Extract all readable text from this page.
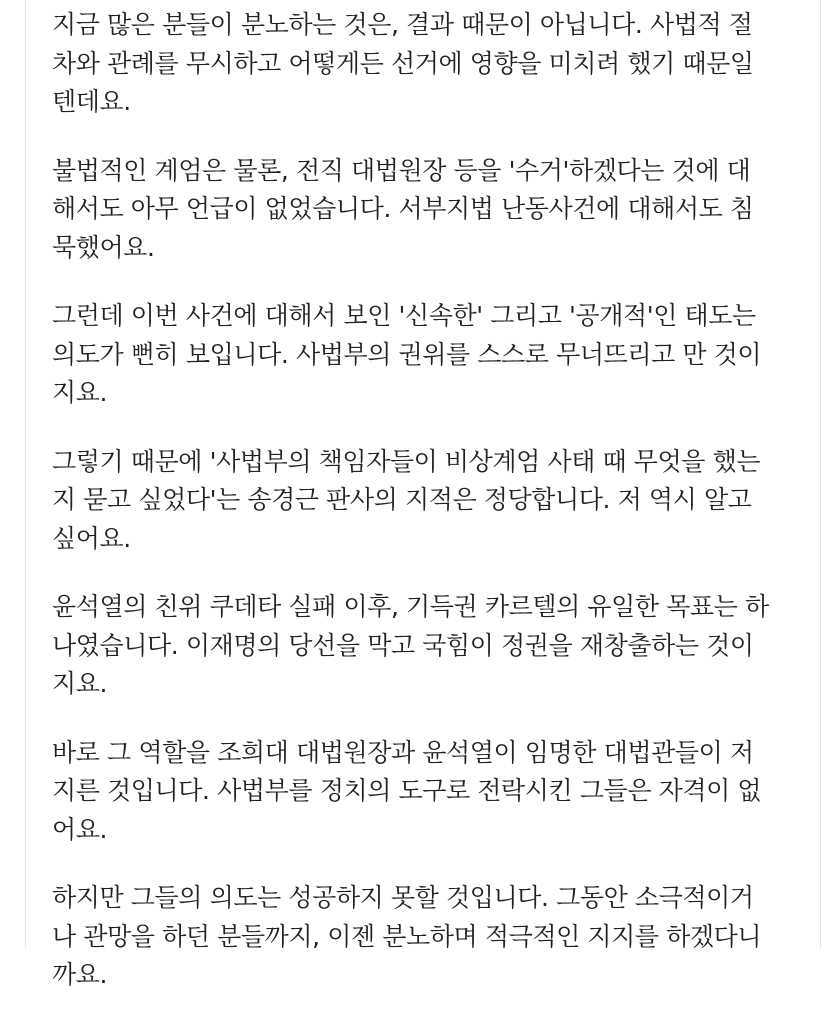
지금 많은 분들이 분노하는 것은, 결과 때문이 아닙니다. 사법적 절
차와 관례를 무시하고 어떻게든 선거에 영향을 미치려 했기 때문일
텐데요.

불법적인 계엄은 물론, 전직 대법원장 등을 '수거'하겠다는 것에 대
해서도 아무 언급이 없었습니다. 서부지법 난동사건에 대해서도 침
묵했어요.

그런데 이번 사건에 대해서 보인 '신속한' 그리고 '공개적'인 태도는
의도가 뻔히 보입니다. 사법부의 권위를 스스로 무너뜨리고 만 것이
지요.

그렇기 때문에 '사법부의 책임자들이 비상계엄 사태 때 무엇을 했는
지 묻고 싶었다'는 송경근 판사의 지적은 정당합니다. 저 역시 알고
싶어요.

윤석열의 친위 쿠데타 실패 이후, 기득권 카르텔의 유일한 목표는 하
나였습니다. 이재명의 당선을 막고 국힘이 정권을 재창출하는 것이
지요.

바로 그 역할을 조희대 대법원장과 윤석열이 임명한 대법관들이 저
지른 것입니다. 사법부를 정치의 도구로 전락시킨 그들은 자격이 없
어요.

하지만 그들의 의도는 성공하지 못할 것입니다. 그동안 소극적이거
나 관망을 하던 분들까지, 이젠 분노하며 적극적인 지지를 하겠다니
까요.
